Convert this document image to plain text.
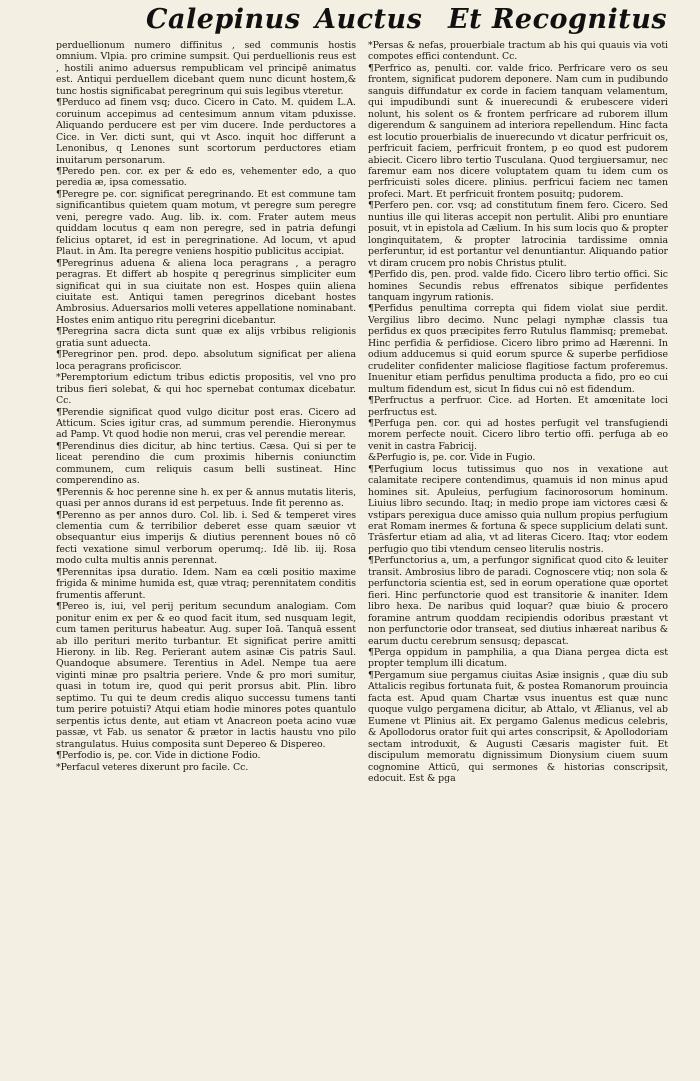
Calepinus Auctus Et Recognitus

perduellionum numero diffinitus , sed communis hostis omnium. Vlpia. pro crimine sumpsit. Qui perduellionis reus est , hostili animo aduersus rempublicam vel principē animatus est. Antiqui perduellem dicebant quem nunc dicunt hostem,& tunc hostis significabat peregrinum qui suis legibus vteretur.

¶Perduco ad finem vsq; duco. Cicero in Cato. M. quidem L.A. coruinum accepimus ad centesimum annum vitam pduxisse. Aliquando perducere est per vim ducere. Inde perductores a Cice. in Ver. dicti sunt, qui vt Asco. inquit hoc differunt a Lenonibus, q Lenones sunt scortorum perductores etiam inuitarum personarum.

¶Peredo pen. cor. ex per & edo es, vehementer edo, a quo peredia æ, ipsa comessatio.

¶Peregre pe. cor. significat peregrinando. Et est commune tam significantibus quietem quam motum, vt peregre sum peregre veni, peregre vado. Aug. lib. ix. com. Frater autem meus quiddam locutus q eam non peregre, sed in patria defungi felicius optaret, id est in peregrinatione. Ad locum, vt apud Plaut. in Am. Ita peregre veniens hospitio publicitus accipiat.

¶Peregrinus aduena & aliena loca peragrans , a peragro peragras. Et differt ab hospite q peregrinus simpliciter eum significat qui in sua ciuitate non est. Hospes quiin aliena ciuitate est. Antiqui tamen peregrinos dicebant hostes Ambrosius. Aduersarios molli veteres appellatione nominabant. Hostes enim antiquo ritu peregrini dicebantur.

¶Peregrina sacra dicta sunt quæ ex alijs vrbibus religionis gratia sunt aduecta.

¶Peregrinor pen. prod. depo. absolutum significat per aliena loca peragrans proficiscor.

*Peremptorium edictum tribus edictis propositis, vel vno pro tribus fieri solebat, & qui hoc spernebat contumax dicebatur. Cc.

¶Perendie significat quod vulgo dicitur post eras. Cicero ad Atticum. Scies igitur cras, ad summum perendie. Hieronymus ad Pamp. Vt quod hodie non merui, cras vel perendie merear.

¶Perendinus dies dicitur, ab hinc tertius. Cæsa. Qui si per te liceat perendino die cum proximis hibernis coniunctim communem, cum reliquis casum belli sustineat. Hinc comperendino as.

¶Perennis & hoc perenne sine h. ex per & annus mutatis literis, quasi per annos durans id est perpetuus. Inde fit perenno as.

¶Perenno as per annos duro. Col. lib. i. Sed & temperet vires clementia cum & terribilior deberet esse quam sæuior vt obsequantur eius imperijs & diutius perennent boues nō cō fecti vexatione simul verborum operumq;. Idē lib. iij. Rosa modo culta multis annis perennat.

¶Perennitas ipsa duratio. Idem. Nam ea cœli positio maxime frigida & minime humida est, quæ vtraq; perennitatem conditis frumentis afferunt.

¶Pereo is, iui, vel perij peritum secundum analogiam. Com ponitur enim ex per & eo quod facit itum, sed nusquam legit, cum tamen periturus habeatur. Aug. super Ioā. Tanquā essent ab illo perituri merito turbantur. Et significat perire amitti Hierony. in lib. Reg. Perierant autem asinæ Cis patris Saul. Quandoque absumere. Terentius in Adel. Nempe tua aere viginti minæ pro psaltria periere. Vnde & pro mori sumitur, quasi in totum ire, quod qui perit prorsus abit. Plin. libro septimo. Tu qui te deum credis aliquo successu tumens tanti tum perire potuisti? Atqui etiam hodie minores potes quantulo serpentis ictus dente, aut etiam vt Anacreon poeta acino vuæ passæ, vt Fab. us senator & prætor in lactis haustu vno pilo strangulatus. Huius composita sunt Depereo & Dispereo.

¶Perfodio is, pe. cor. Vide in dictione Fodio.

*Perfacul veteres dixerunt pro facile. Cc.

*Persas & nefas, prouerbiale tractum ab his qui quauis via voti compotes effici contendunt. Cc.

¶Perfrico as, penulti. cor. valde frico. Perfricare vero os seu frontem, significat pudorem deponere. Nam cum in pudibundo sanguis diffundatur ex corde in faciem tanquam velamentum, qui impudibundi sunt & inuerecundi & erubescere videri nolunt, his solent os & frontem perfricare ad ruborem illum digerendum & sanguinem ad interiora repellendum. Hinc facta est locutio prouerbialis de inuerecundo vt dicatur perfricuit os, perfricuit faciem, perfricuit frontem, p eo quod est pudorem abiecit. Cicero libro tertio Tusculana. Quod tergiuersamur, nec faremur eam nos dicere voluptatem quam tu idem cum os perfricuisti soles dicere. plinius. perfricui faciem nec tamen profeci. Mart. Et perfricuit frontem posuitq; pudorem.

¶Perfero pen. cor. vsq; ad constitutum finem fero. Cicero. Sed nuntius ille qui literas accepit non pertulit. Alibi pro enuntiare posuit, vt in epistola ad Cælium. In his sum locis quo & propter longinquitatem, & propter latrocinia tardissime omnia perferuntur, id est portantur vel denuntiantur. Aliquando patior vt diram crucem pro nobis Christus ptulit.

¶Perfido dis, pen. prod. valde fido. Cicero libro tertio offici. Sic homines Secundis rebus effrenatos sibique perfidentes tanquam ingyrum rationis.

¶Perfidus penultima correpta qui fidem violat siue perdit. Vergilius libro decimo. Nunc pelagi nymphæ classis tua perfidus ex quos præcipites ferro Rutulus flammisq; premebat. Hinc perfidia & perfidiose. Cicero libro primo ad Hærenni. In odium adducemus si quid eorum spurce & superbe perfidiose crudeliter confidenter maliciose flagitiose factum proferemus. Inuenitur etiam perfidus penultima producta a fido, pro eo cui multum fidendum est, sicut In fidus cui nō est fidendum.

¶Perfructus a perfruor. Cice. ad Horten. Et amœnitate loci perfructus est.

¶Perfuga pen. cor. qui ad hostes perfugit vel transfugiendi morem perfecte nouit. Cicero libro tertio offi. perfuga ab eo venit in castra Fabricij.

&Perfugio is, pe. cor. Vide in Fugio.

¶Perfugium locus tutissimus quo nos in vexatione aut calamitate recipere contendimus, quamuis id non minus apud homines sit. Apuleius, perfugium facinorosorum hominum. Liuius libro secundo. Itaq; in medio prope iam victores cæsi & vstipars perexigua duce amisso quia nullum propius perfugium erat Romam inermes & fortuna & spece supplicium delati sunt. Trāsfertur etiam ad alia, vt ad literas Cicero. Itaq; vtor eodem perfugio quo tibi vtendum censeo literulis nostris.

¶Perfunctorius a, um, a perfungor significat quod cito & leuiter transit. Ambrosius libro de paradi. Cognoscere vtiq; non sola & perfunctoria scientia est, sed in eorum operatione quæ oportet fieri. Hinc perfunctorie quod est transitorie & inaniter. Idem libro hexa. De naribus quid loquar? quæ biuio & procero foramine antrum quoddam recipiendis odoribus præstant vt non perfunctorie odor transeat, sed diutius inhæreat naribus & earum ductu cerebrum sensusq; depascat.

¶Perga oppidum in pamphilia, a qua Diana pergea dicta est propter templum illi dicatum.

¶Pergamum siue pergamus ciuitas Asiæ insignis , quæ diu sub Attalicis regibus fortunata fuit, & postea Romanorum prouincia facta est. Apud quam Chartæ vsus inuentus est quæ nunc quoque vulgo pergamena dicitur, ab Attalo, vt Ælianus, vel ab Eumene vt Plinius ait. Ex pergamo Galenus medicus celebris, & Apollodorus orator fuit qui artes conscripsit, & Apollodoriam sectam introduxit, & Augusti Cæsaris magister fuit. Et discipulum memoratu dignissimum Dionysium ciuem suum cognomine Atticū, qui sermones & historias conscripsit, edocuit. Est & pga
